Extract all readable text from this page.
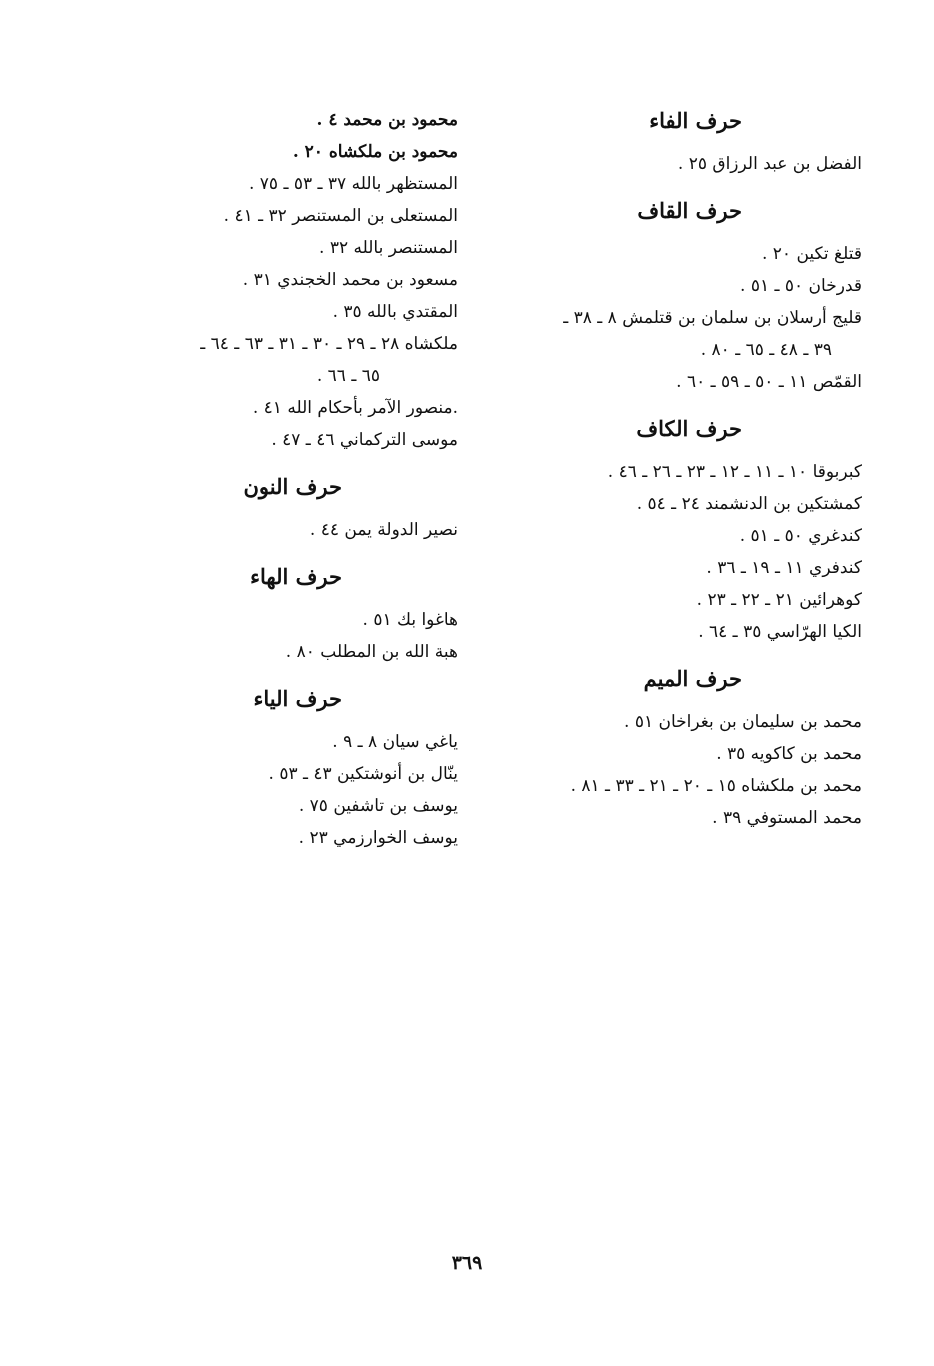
حرف الفاء
الفضل بن عبد الرزاق ٢٥ .
حرف القاف
قتلغ تكين ٢٠ .
قدرخان ٥٠ ـ ٥١ .
قليج أرسلان بن سلمان بن قتلمش ٨ ـ ٣٨ ـ
٣٩ ـ ٤٨ ـ ٦٥ ـ ٨٠ .
القمّص ١١ ـ ٥٠ ـ ٥٩ ـ ٦٠ .
حرف الكاف
كبربوقا ١٠ ـ ١١ ـ ١٢ ـ ٢٣ ـ ٢٦ ـ ٤٦ .
كمشتكين بن الدنشمند ٢٤ ـ ٥٤ .
كندغري ٥٠ ـ ٥١ .
كندفري ١١ ـ ١٩ ـ ٣٦ .
كوهرائين ٢١ ـ ٢٢ ـ ٢٣ .
الكيا الهرّاسي ٣٥ ـ ٦٤ .
حرف الميم
محمد بن سليمان بن بغراخان ٥١ .
محمد بن كاكويه ٣٥ .
محمد بن ملكشاه ١٥ ـ ٢٠ ـ ٢١ ـ ٣٣ ـ ٨١ .
محمد المستوفي ٣٩ .
محمود بن محمد ٤ .
محمود بن ملكشاه ٢٠ .
المستظهر بالله ٣٧ ـ ٥٣ ـ ٧٥ .
المستعلى بن المستنصر ٣٢ ـ ٤١ .
المستنصر بالله ٣٢ .
مسعود بن محمد الخجندي ٣١ .
المقتدي بالله ٣٥ .
ملكشاه ٢٨ ـ ٢٩ ـ ٣٠ ـ ٣١ ـ ٦٣ ـ ٦٤ ـ
٦٥ ـ ٦٦ .
.منصور الآمر بأحكام الله ٤١ .
موسى التركماني ٤٦ ـ ٤٧ .
حرف النون
نصير الدولة يمن ٤٤ .
حرف الهاء
هاغوا بك ٥١ .
هبة الله بن المطلب ٨٠ .
حرف الياء
ياغي سيان ٨ ـ ٩ .
ينّال بن أنوشتكين ٤٣ ـ ٥٣ .
يوسف بن تاشفين ٧٥ .
يوسف الخوارزمي ٢٣ .
٣٦٩
